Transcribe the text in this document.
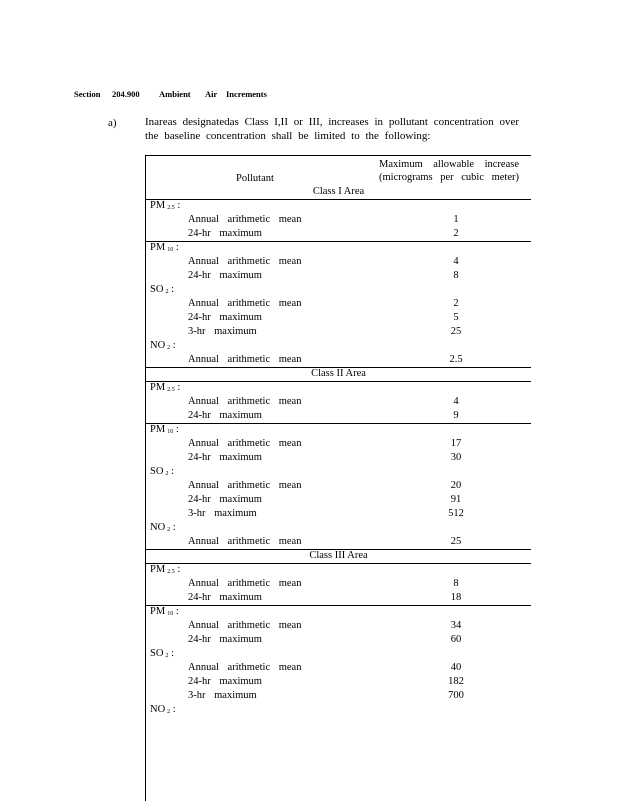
Section 204.900 Ambient Air Increments
a)	Inareas designatedas Class I,II or III, increases in pollutant concentration over the baseline concentration shall be limited to the following:
Pollutant
Maximum allowable increase
(micrograms per cubic meter)
Class I Area
PM $_{2.5}$ :
Annual arithmetic mean	1
24-hr maximum	2
PM $_{10}$ :
Annual arithmetic mean	4
24-hr maximum	8
SO $_2$ :
Annual arithmetic mean	2
24-hr maximum	5
3-hr maximum	25
NO $_2$ :
Annual arithmetic mean	2.5
Class II Area
PM $_{2.5}$ :
Annual arithmetic mean	4
24-hr maximum	9
PM $_{10}$ :
Annual arithmetic mean	17
24-hr maximum	30
SO $_2$ :
Annual arithmetic mean	20
24-hr maximum	91
3-hr maximum	512
NO $_2$ :
Annual arithmetic mean	25
Class III Area
PM $_{2.5}$ :
Annual arithmetic mean	8
24-hr maximum	18
PM $_{10}$ :
Annual arithmetic mean	34
24-hr maximum	60
SO $_2$ :
Annual arithmetic mean	40
24-hr maximum	182
3-hr maximum	700
NO $_2$ :
